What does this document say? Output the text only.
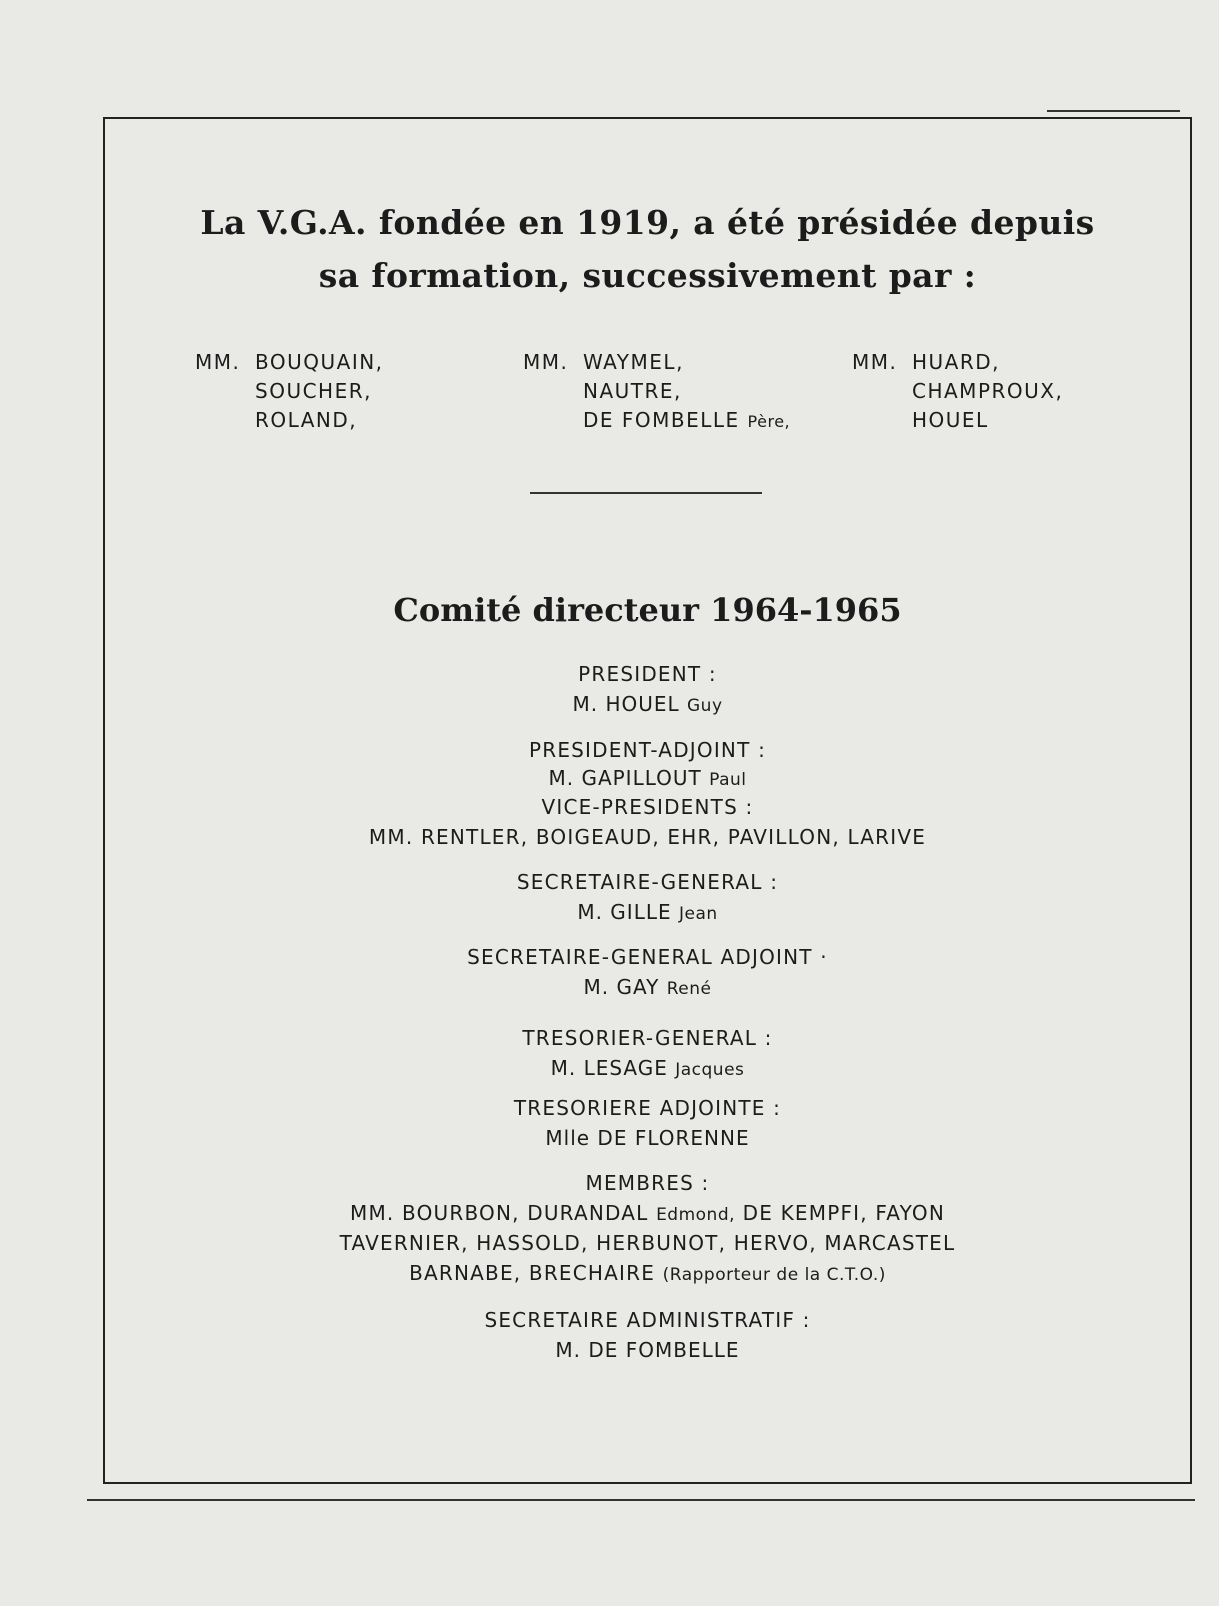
La V.G.A. fondée en 1919, a été présidée depuis
sa formation, successivement par :
MM. BOUQUAIN,
SOUCHER,
ROLAND,
MM. WAYMEL,
NAUTRE,
DE FOMBELLE Père,
MM. HUARD,
CHAMPROUX,
HOUEL
Comité directeur 1964-1965
PRESIDENT :
M. HOUEL Guy
PRESIDENT-ADJOINT :
M. GAPILLOUT Paul
VICE-PRESIDENTS :
MM. RENTLER, BOIGEAUD, EHR, PAVILLON, LARIVE
SECRETAIRE-GENERAL :
M. GILLE Jean
SECRETAIRE-GENERAL ADJOINT ·
M. GAY René
TRESORIER-GENERAL :
M. LESAGE Jacques
TRESORIERE ADJOINTE :
Mlle DE FLORENNE
MEMBRES :
MM. BOURBON, DURANDAL Edmond, DE KEMPFI, FAYON
TAVERNIER, HASSOLD, HERBUNOT, HERVO, MARCASTEL
BARNABE, BRECHAIRE (Rapporteur de la C.T.O.)
SECRETAIRE ADMINISTRATIF :
M. DE FOMBELLE
